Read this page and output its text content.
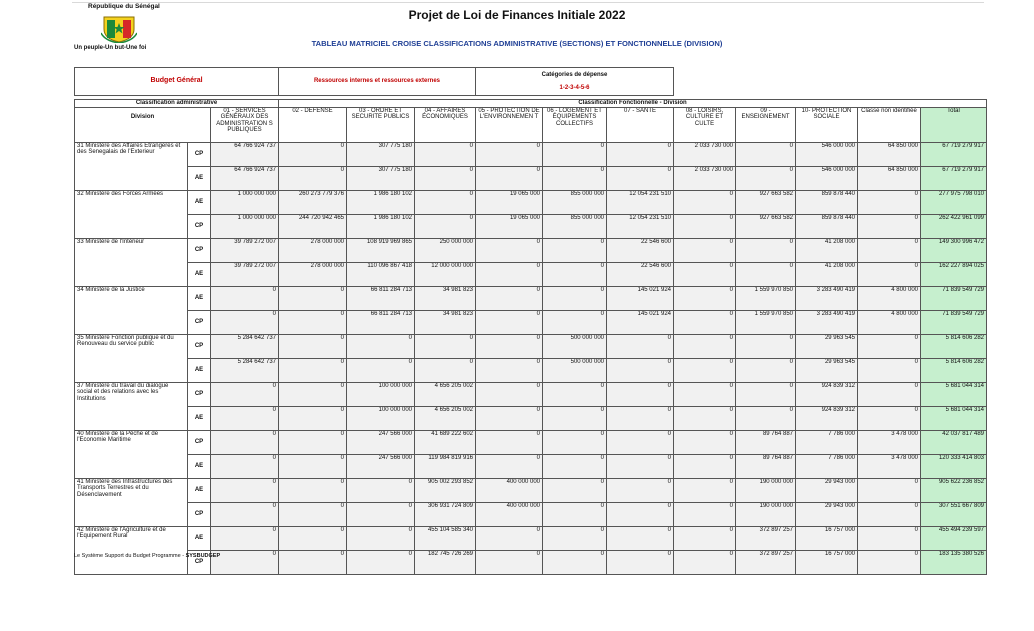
République du Sénégal
Un peuple-Un but-Une foi
Projet de Loi de Finances Initiale 2022
TABLEAU MATRICIEL CROISE CLASSIFICATIONS ADMINISTRATIVE (SECTIONS) ET FONCTIONNELLE (DIVISION)
Budget Général			Ressources internes et ressources externes			Catégories de dépense							
						1-2-3-4-5-6							

Classification administrative			Classification Fonctionnelle - Division										
Division		01 - SERVICES GÉNÉRAUX DES ADMINISTRATION S PUBLIQUES	02 - DEFENSE	03 - ORDRE ET SECURITE PUBLICS	04 - AFFAIRES ÉCONOMIQUES	05 - PROTECTION DE L'ENVIRONNEMEN T	06 - LOGEMENT ET ÉQUIPEMENTS COLLECTIFS	07 - SANTE	08 - LOISIRS, CULTURE ET CULTE	09 - ENSEIGNEMENT	10- PROTECTION SOCIALE	Classe non identifiée	Total
31 Ministère des Affaires Etrangeres et des Senegalais de l'Exterieur	CP	64 766 924 737	0	307 775 180	0	0	0	0	2 033 730 000	0	546 000 000	64 850 000	67 719 279 917
	AE	64 766 924 737	0	307 775 180	0	0	0	0	2 033 730 000	0	546 000 000	64 850 000	67 719 279 917
32 Ministère des Forces Armées	AE	1 000 000 000	260 273 779 376	1 986 180 102	0	19 065 000	855 000 000	12 054 231 510	0	927 663 582	859 878 440	0	277 975 798 010
	CP	1 000 000 000	244 720 942 465	1 986 180 102	0	19 065 000	855 000 000	12 054 231 510	0	927 663 582	859 878 440	0	262 422 961 099
33 Ministère de l'Intérieur	CP	39 789 272 007	278 000 000	108 919 969 865	250 000 000	0	0	22 546 600	0	0	41 208 000	0	149 300 996 472
	AE	39 789 272 007	278 000 000	110 096 867 418	12 000 000 000	0	0	22 546 600	0	0	41 208 000	0	162 227 894 025
34 Ministère de la Justice	AE	0	0	66 811 284 713	34 981 823	0	0	145 021 924	0	1 559 970 850	3 283 490 419	4 800 000	71 839 549 729
	CP	0	0	66 811 284 713	34 981 823	0	0	145 021 924	0	1 559 970 850	3 283 490 419	4 800 000	71 839 549 729
35 Ministère Fonction publique et du Renouveau du service public	CP	5 284 642 737	0	0	0	0	500 000 000	0	0	0	29 963 545	0	5 814 606 282
	AE	5 284 642 737	0	0	0	0	500 000 000	0	0	0	29 963 545	0	5 814 606 282
37 Ministère du travail du dialogue social et des relations avec les Institutions	CP	0	0	100 000 000	4 656 205 002	0	0	0	0	0	924 839 312	0	5 681 044 314
	AE	0	0	100 000 000	4 656 205 002	0	0	0	0	0	924 839 312	0	5 681 044 314
40 Ministère de la Pêche et de l'Economie Maritime	CP	0	0	247 566 000	41 689 222 602	0	0	0	0	89 764 887	7 786 000	3 478 000	42 037 817 489
	AE	0	0	247 566 000	119 984 819 916	0	0	0	0	89 764 887	7 786 000	3 478 000	120 333 414 803
41 Ministère des Infrastructures des Transports Terrestres et du Désenclavement	AE	0	0	0	905 002 293 852	400 000 000	0	0	0	190 000 000	29 943 000	0	905 622 236 852
	CP	0	0	0	306 931 724 809	400 000 000	0	0	0	190 000 000	29 943 000	0	307 551 667 809
42 Ministère de l'Agriculture et de l'Equipement Rural	AE	0	0	0	455 104 585 340	0	0	0	0	372 897 257	16 757 000	0	455 494 239 597
	CP	0	0	0	182 745 726 269	0	0	0	0	372 897 257	16 757 000	0	183 135 380 526
Le Système Support du Budget Programme - SYSBUDGEP
